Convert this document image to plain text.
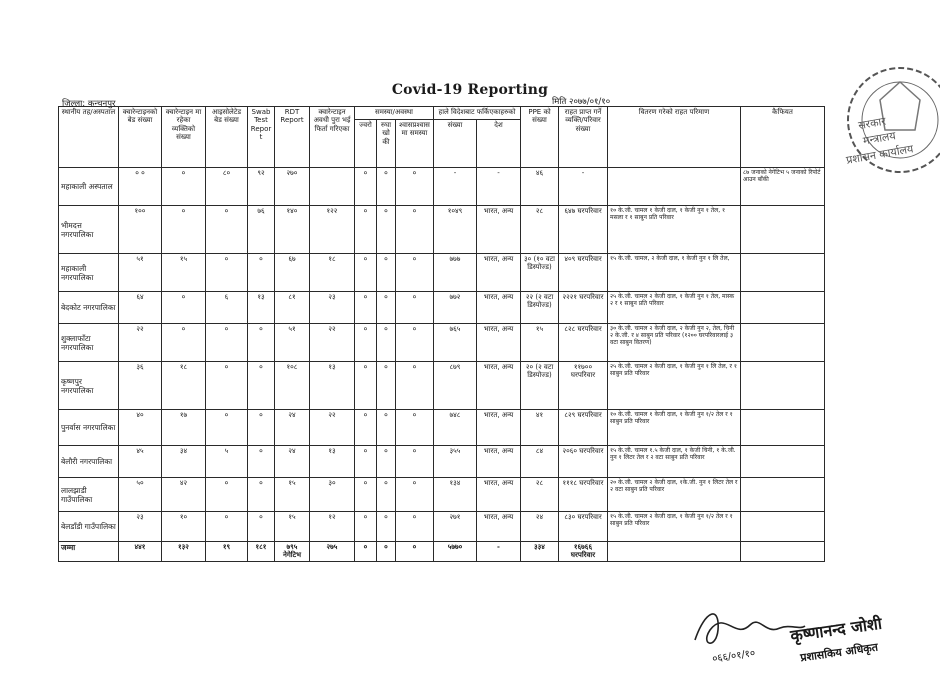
Covid-19 Reporting
जिल्ला: कन्चनपुर	मिति २०७७/०१/१०
स्थानीय तह/अस्पताल	क्वारेन्टाइनको बेड संख्या	क्वारेन्टाइन मा रहेका व्यक्तिको संख्या	आइसोलेटेड बेड संख्या	Swab Test Report	RDT Report	क्वारेन्टाइन अवधी पुरा भई फिर्ता गरिएका	समस्या/अवस्था			हाले विदेशबाट फर्किएकाहरुको		PPE को संख्या	राहत प्राप्त गर्ने व्यक्ति/परिवार संख्या	वितरण गरेको राहत परिमाण	कैफियत
							ज्वरो	रुघा खोकी	श्वासप्रश्वास मा समस्या	संख्या	देश				
महाकाली अस्पताल	० ०	०	८०	९२	२७०		०	०	०	-	-	४६	-		८७ जनाको नेगेटिभ ५ जनाको रिपोर्ट आउन बाँकी
भीमदत्त नगरपालिका	१००	०	०	७६	१४०	१२२	०	०	०	१०४९	भारत, अन्य	२८	६४७ घरपरिवार	१० के.जी. चामल १ केजी दाल, १ केजी नुन १ तेल, १ मसला र १ साबुन प्रति परिवार	
महाकाली नगरपालिका	५१	१५	०	०	६७	१८	०	०	०	७७७	भारत, अन्य	३० (१० वटा डिस्पोज्ड)	४०९ घरपरिवार	१५ के.जी. चामल, २ केजी दाल, १ केजी नुन १ लि तेल,	
बेदकोट नगरपालिका	६४	०	६	१३	८१	२३	०	०	०	७७२	भारत, अन्य	२२ (२ वटा डिस्पोज्ड)	२२२१ घरपरिवार	२५ के.जी. चामल २ केजी दाल, १ केजी नुन १ तेल, मास्क २ र १ साबुन प्रति परिवार	
शुक्लाफाँटा नगरपालिका	२२	०	०	०	५१	२२	०	०	०	७६५	भारत, अन्य	१५	८२८ घरपरिवार	३० के.जी. चामल २ केजी दाल, २ केजी नुन २, तेल, चिनी २ के.जी. र ४ साबुन प्रति परिवार (१२०० घरपरिवारलाई ३ वटा साबुन वितरण)	
कृष्णपुर नगरपालिका	३६	१८	०	०	१०८	१३	०	०	०	८७९	भारत, अन्य	२० (२ वटा डिस्पोज्ड)	११७०० घरपरिवार	२५ के.जी. चामल २ केजी दाल, १ केजी नुन १ लि तेल, र १ साबुन प्रति परिवार	
पुनर्वास नगरपालिका	४०	१७	०	०	२४	२२	०	०	०	७४८	भारत, अन्य	४१	८२९ घरपरिवार	१० के.जी. चामल १ केजी दाल, १ केजी नुन १/२ तेल र १ साबुन प्रति परिवार	
बेलौरी नगरपालिका	४५	३४	५	०	२४	१३	०	०	०	३५५	भारत, अन्य	८४	२०६० घरपरिवार	१५ के.जी. चामल १.५ केजी दाल, १ केजी चिनी, १ के.जी. नुन १ लिटर तेल र २ वटा साबुन प्रति परिवार	
लालझाडी गाउँपालिका	५०	४२	०	०	१५	३०	०	०	०	१३४	भारत, अन्य	२८	१११८ घरपरिवार	२० के.जी. चामल २ केजी दाल, १के.जी. नुन १ लिटर तेल र २ वटा साबुन प्रति परिवार	
बेलडाँडी गाउँपालिका	२३	१०	०	०	१५	१२	०	०	०	२७१	भारत, अन्य	२४	८३० घरपरिवार	१५ के.जी. चामल २ केजी दाल, १ केजी नुन १/२ तेल र १ साबुन प्रति परिवार	
जम्मा	४४१	१३२	१९	१८१	७९५ नेगेटिभ	२७५	०	०	०	५७७०	-	३३४	१६७६६ घरपरिवार		
सरकार
मन्त्रालय
प्रशासन कार्यालय
०६६/०१/१०
कृष्णानन्द जोशी
प्रशासकिय अधिकृत
